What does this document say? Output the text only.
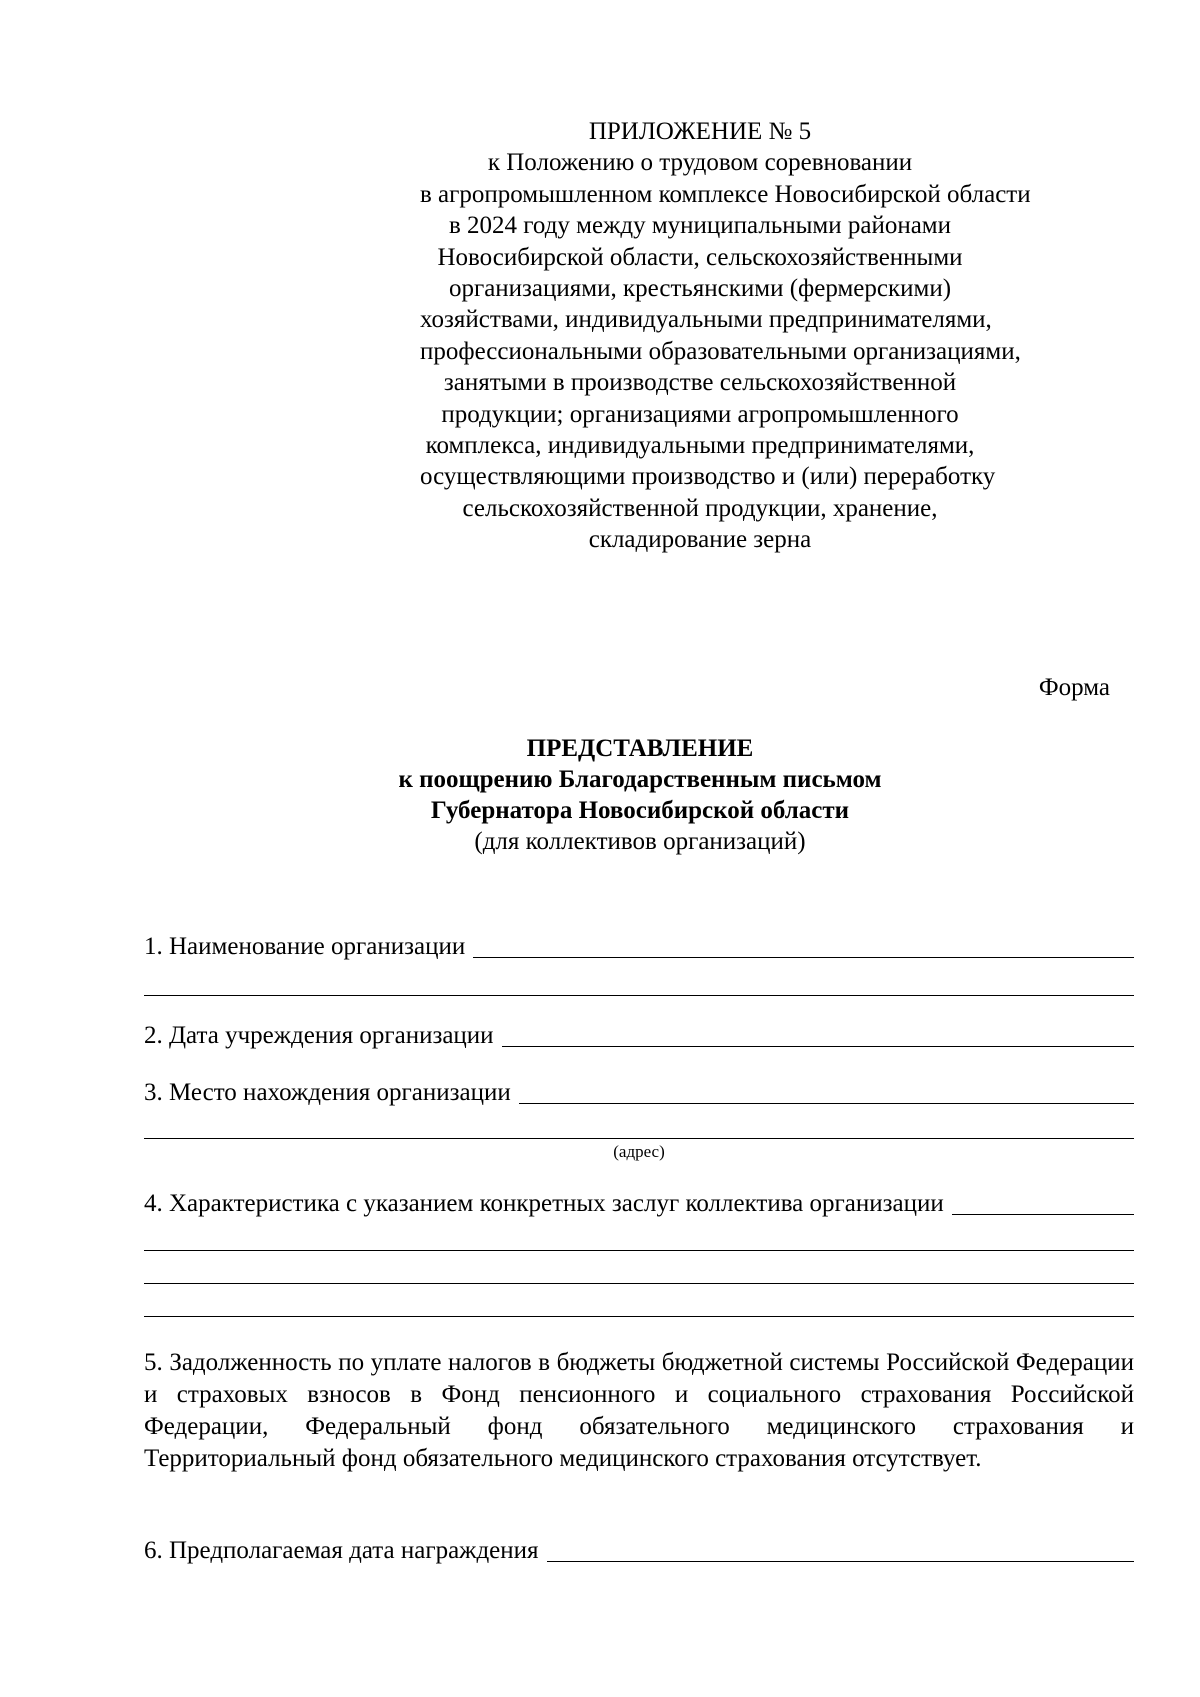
ПРИЛОЖЕНИЕ № 5
к Положению о трудовом соревновании
в агропромышленном комплексе Новосибирской области
в 2024 году между муниципальными районами
Новосибирской области, сельскохозяйственными
организациями, крестьянскими (фермерскими)
хозяйствами, индивидуальными предпринимателями,
профессиональными образовательными организациями,
занятыми в производстве сельскохозяйственной
продукции; организациями агропромышленного
комплекса, индивидуальными предпринимателями,
осуществляющими производство и (или) переработку
сельскохозяйственной продукции, хранение,
складирование зерна
Форма
ПРЕДСТАВЛЕНИЕ
к поощрению Благодарственным письмом
Губернатора Новосибирской области
(для коллективов организаций)
1. Наименование организации
2. Дата учреждения организации
3. Место нахождения организации
(адрес)
4. Характеристика с указанием конкретных заслуг коллектива организации
5. Задолженность по уплате налогов в бюджеты бюджетной системы Российской Федерации и страховых взносов в Фонд пенсионного и социального страхования Российской Федерации, Федеральный фонд обязательного медицинского страхования и Территориальный фонд обязательного медицинского страхования отсутствует.
6. Предполагаемая дата награждения
